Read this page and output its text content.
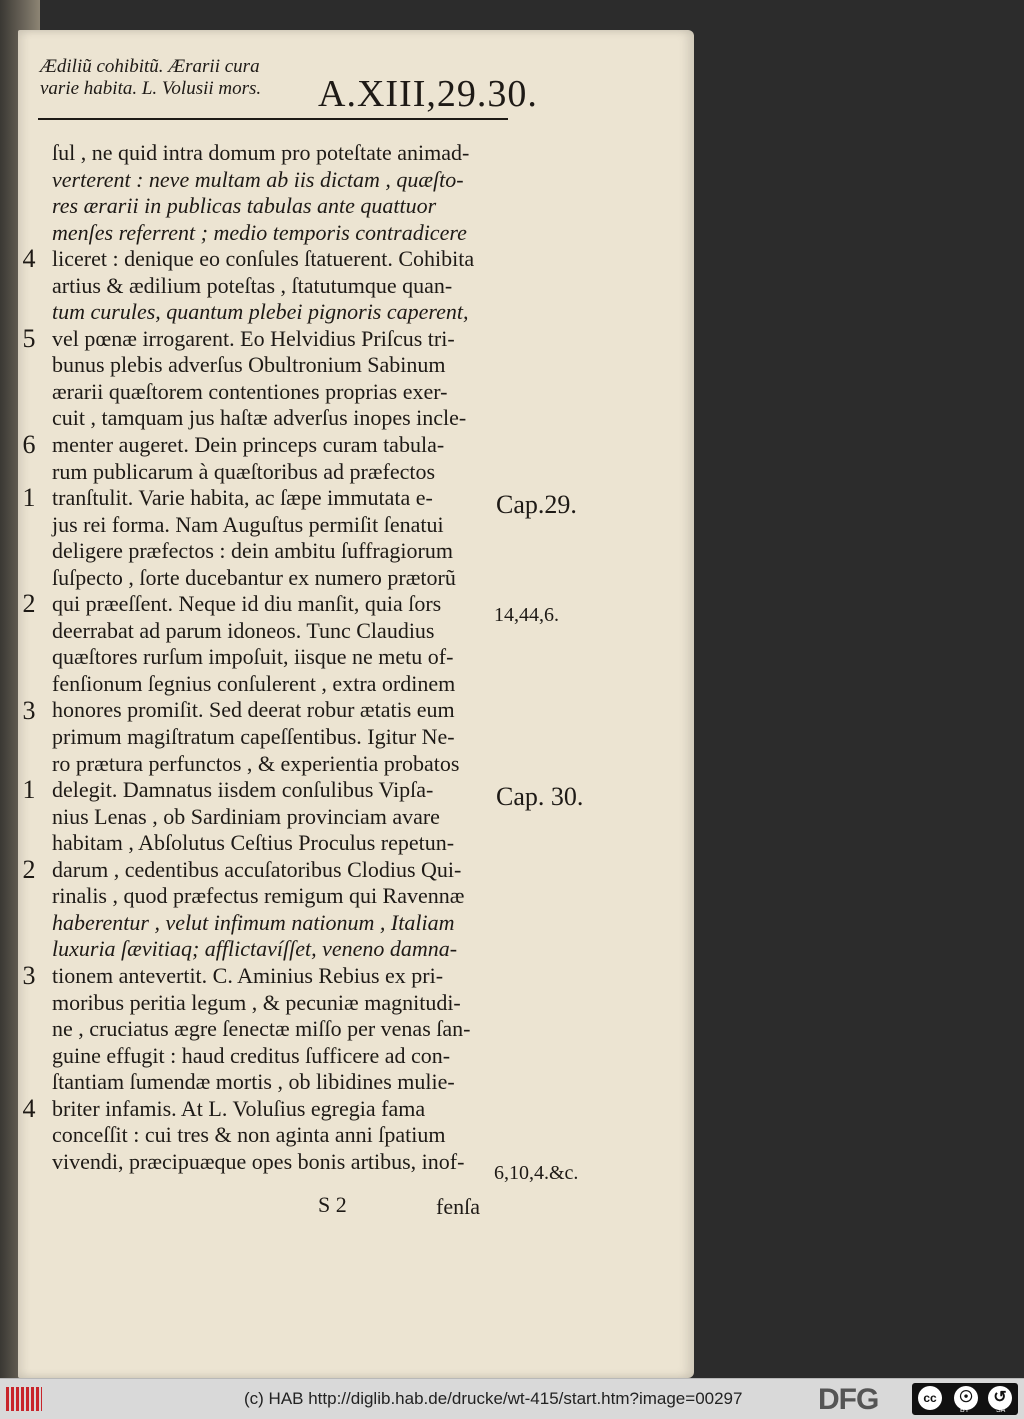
Ædiliũ cohibitũ. Ærarii cura
varie habita. L. Volusii mors.	A.XIII,29.30.
ſul , ne quid intra domum pro poteſtate animad-
verterent : neve multam ab iis dictam , quæſto-
res ærarii in publicas tabulas ante quattuor
menſes referrent ; medio temporis contradicere
liceret : denique eo conſules ſtatuerent. Cohibita
artius & ædilium poteſtas , ſtatutumque quan-
tum curules, quantum plebei pignoris caperent,
vel pœnæ irrogarent. Eo Helvidius Priſcus tri-
bunus plebis adverſus Obultronium Sabinum
ærarii quæſtorem contentiones proprias exer-
cuit , tamquam jus haſtæ adverſus inopes incle-
menter augeret. Dein princeps curam tabula-
rum publicarum à quæſtoribus ad præfectos
tranſtulit. Varie habita, ac ſæpe immutata e-
jus rei forma. Nam Auguſtus permiſit ſenatui
deligere præfectos : dein ambitu ſuffragiorum
ſuſpecto , ſorte ducebantur ex numero prætorũ
qui præeſſent. Neque id diu manſit, quia ſors
deerrabat ad parum idoneos. Tunc Claudius
quæſtores rurſum impoſuit, iisque ne metu of-
fenſionum ſegnius conſulerent , extra ordinem
honores promiſit. Sed deerat robur ætatis eum
primum magiſtratum capeſſentibus. Igitur Ne-
ro prætura perfunctos , & experientia probatos
delegit. Damnatus iisdem conſulibus Vipſa-
nius Lenas , ob Sardiniam provinciam avare
habitam , Abſolutus Ceſtius Proculus repetun-
darum , cedentibus accuſatoribus Clodius Qui-
rinalis , quod præfectus remigum qui Ravennæ
haberentur , velut infimum nationum , Italiam
luxuria ſævitiaq; afflictavíſſet, veneno damna-
tionem antevertit. C. Aminius Rebius ex pri-
moribus peritia legum , & pecuniæ magnitudi-
ne , cruciatus ægre ſenectæ miſſo per venas ſan-
guine effugit : haud creditus ſufficere ad con-
ſtantiam ſumendæ mortis , ob libidines mulie-
briter infamis. At L. Voluſius egregia fama
conceſſit : cui tres & non aginta anni ſpatium
vivendi, præcipuæque opes bonis artibus, inof-
4
5
6
1
2
3
1
2
3
4
Cap.29.
14,44,6.
Cap. 30.
6,10,4.&c.
S 2	fenſa
(c) HAB http://diglib.hab.de/drucke/wt-415/start.htm?image=00297	DFG	cc	☉	↺
BY	SA
